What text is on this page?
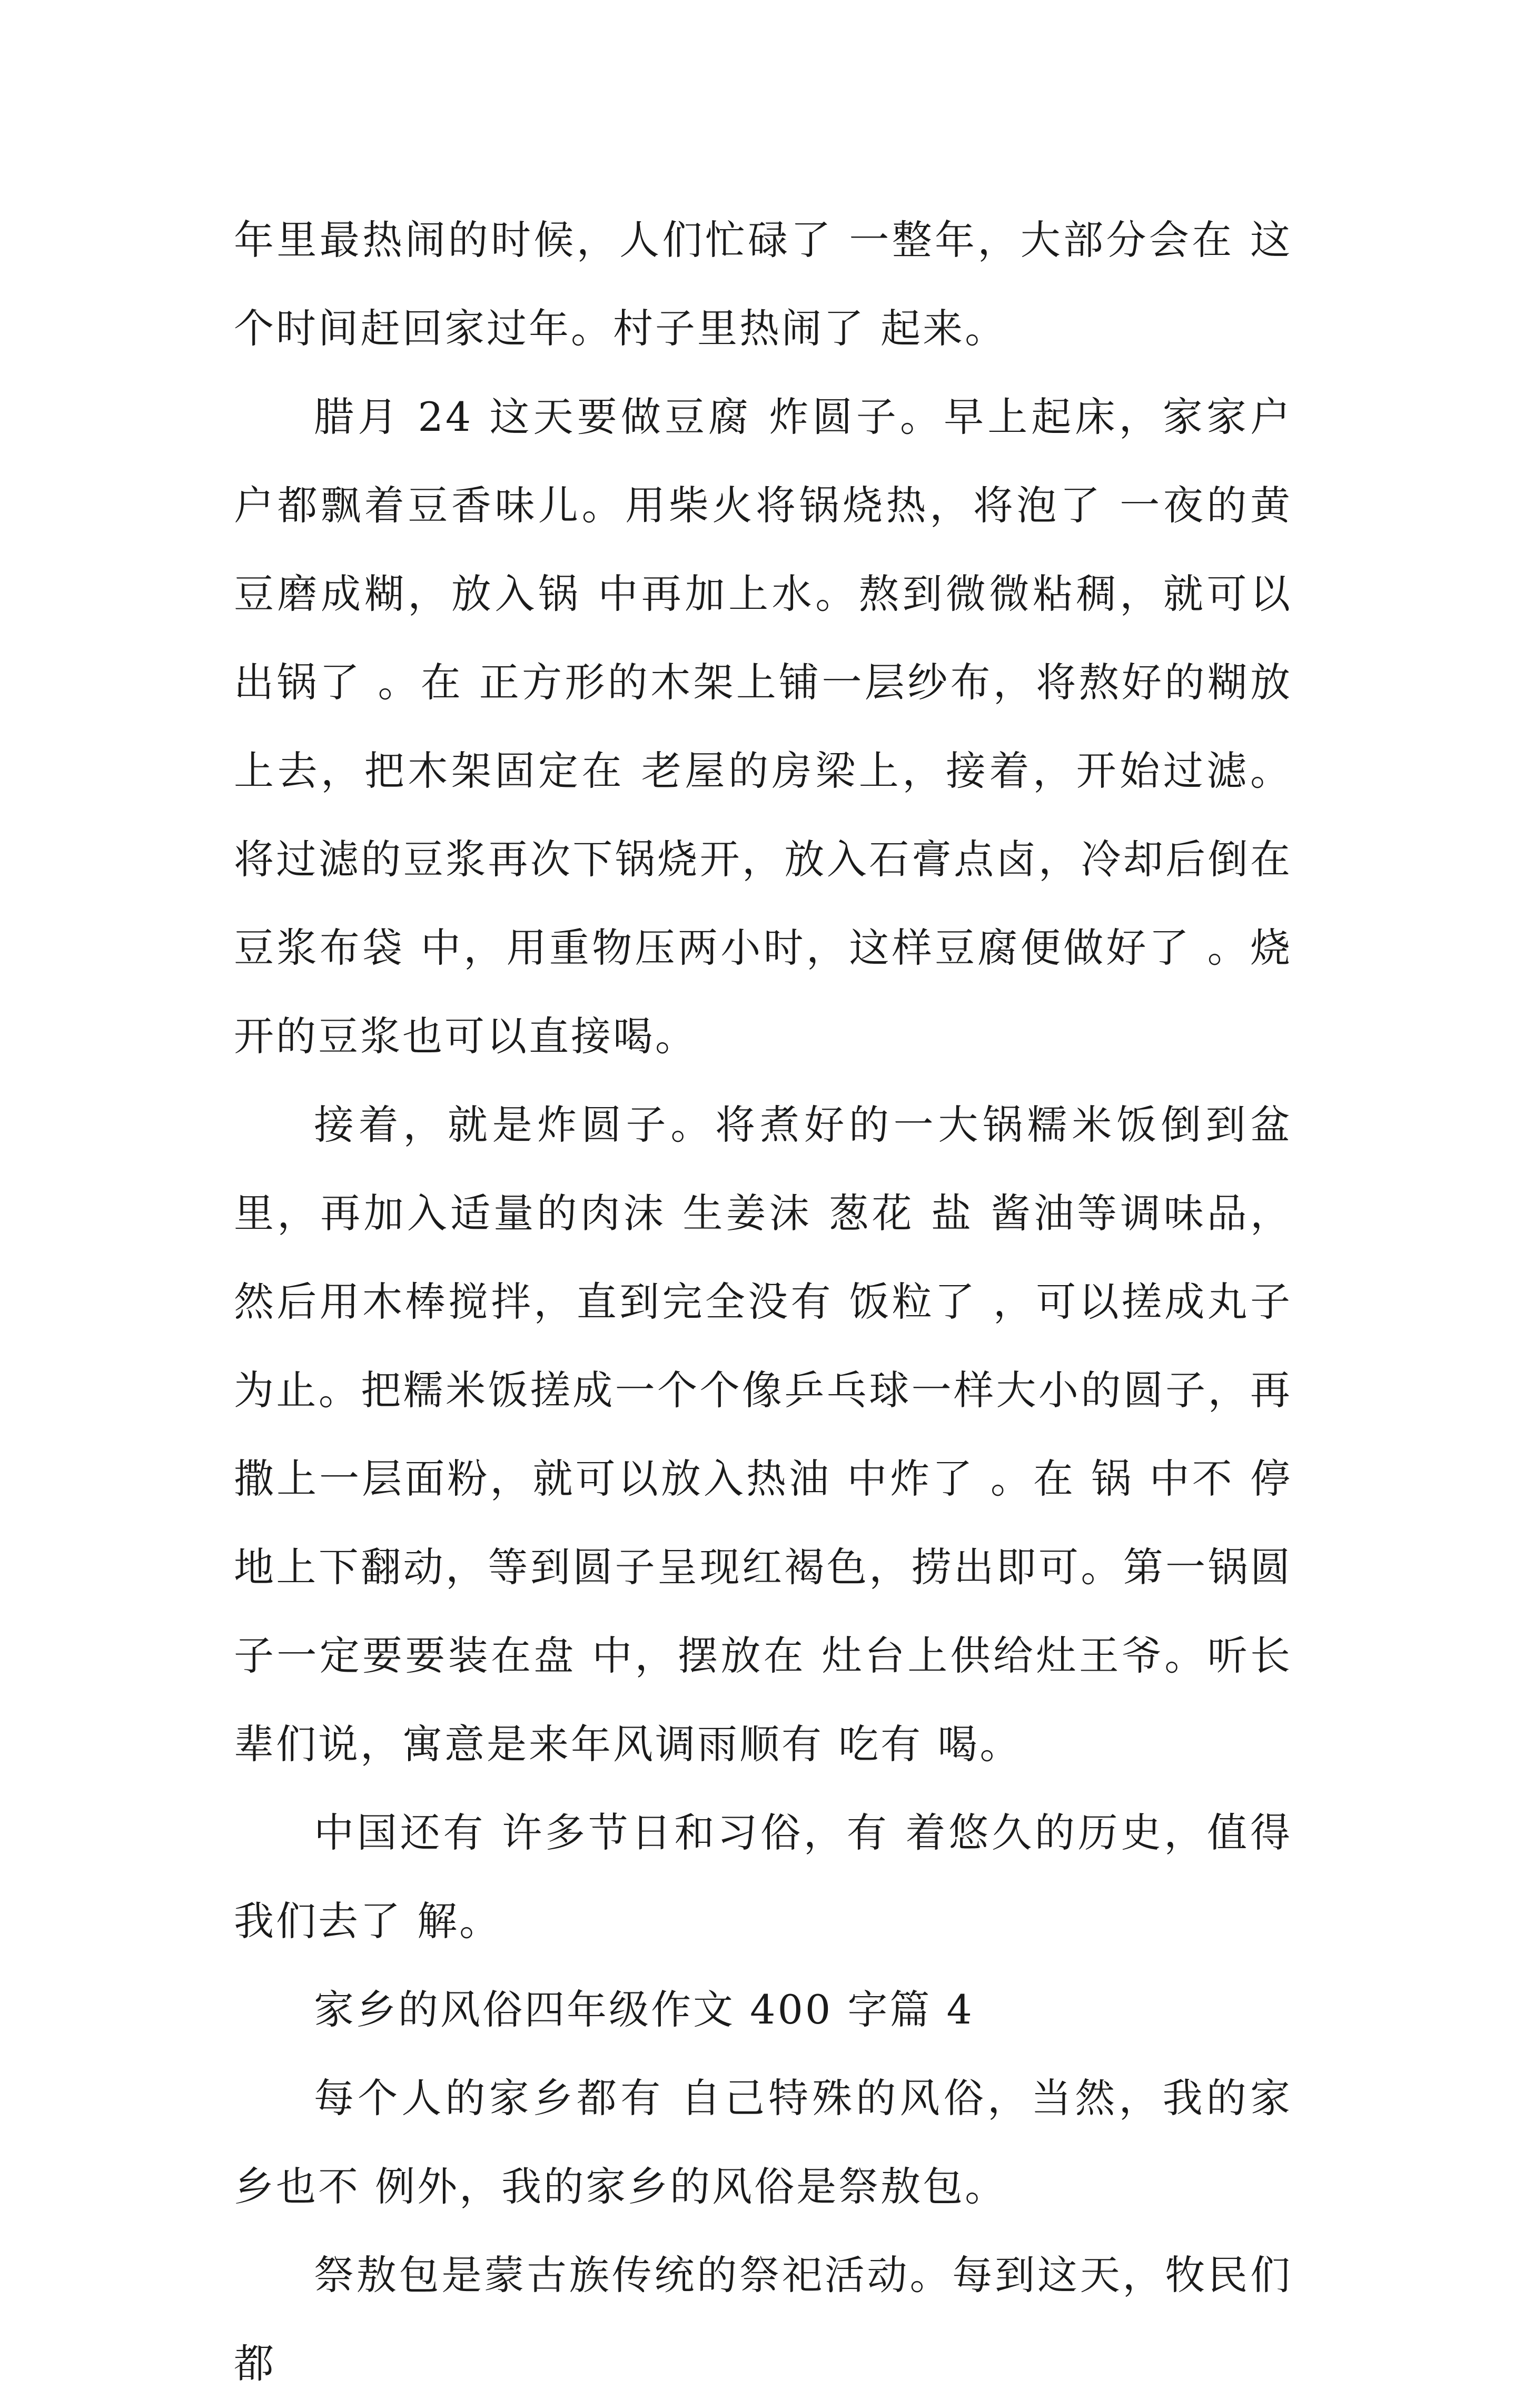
年里最热闹的时候，人们忙碌了 一整年，大部分会在 这个时间赶回家过年。村子里热闹了 起来。

腊月 24 这天要做豆腐 炸圆子。早上起床，家家户户都飘着豆香味儿。用柴火将锅烧热，将泡了 一夜的黄豆磨成糊，放入锅 中再加上水。熬到微微粘稠，就可以出锅了 。在 正方形的木架上铺一层纱布，将熬好的糊放上去，把木架固定在 老屋的房梁上，接着，开始过滤。将过滤的豆浆再次下锅烧开，放入石膏点卤，冷却后倒在 豆浆布袋 中，用重物压两小时，这样豆腐便做好了 。烧开的豆浆也可以直接喝。

接着，就是炸圆子。将煮好的一大锅糯米饭倒到盆里，再加入适量的肉沫 生姜沫 葱花 盐 酱油等调味品，然后用木棒搅拌，直到完全没有 饭粒了 ，可以搓成丸子为止。把糯米饭搓成一个个像乒乓球一样大小的圆子，再撒上一层面粉，就可以放入热油 中炸了 。在 锅 中不 停地上下翻动，等到圆子呈现红褐色，捞出即可。第一锅圆子一定要要装在盘 中，摆放在 灶台上供给灶王爷。听长辈们说，寓意是来年风调雨顺有 吃有 喝。

中国还有 许多节日和习俗，有 着悠久的历史，值得我们去了 解。

家乡的风俗四年级作文 400 字篇 4

每个人的家乡都有 自己特殊的风俗，当然，我的家乡也不 例外，我的家乡的风俗是祭敖包。

祭敖包是蒙古族传统的祭祀活动。每到这天，牧民们都
